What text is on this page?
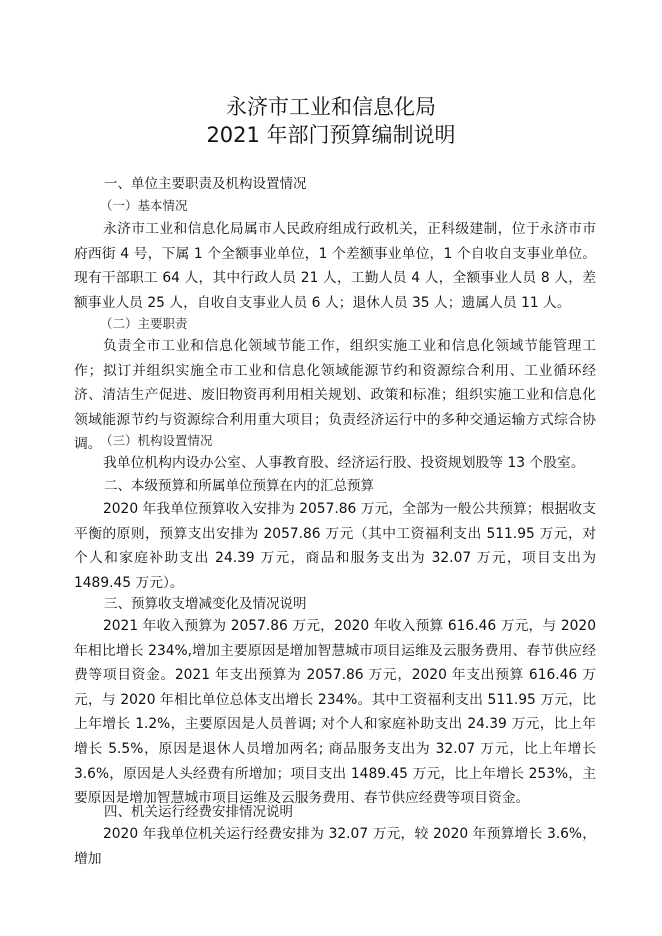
永济市工业和信息化局
2021 年部门预算编制说明
一、单位主要职责及机构设置情况
（一）基本情况

永济市工业和信息化局属市人民政府组成行政机关，正科级建制，位于永济市市府西街 4 号，下属 1 个全额事业单位，1 个差额事业单位，1 个自收自支事业单位。现有干部职工 64 人，其中行政人员 21 人，工勤人员 4 人，全额事业人员 8 人，差额事业人员 25 人，自收自支事业人员 6 人；退休人员 35 人；遗属人员 11 人。

（二）主要职责

负责全市工业和信息化领域节能工作，组织实施工业和信息化领域节能管理工作；拟订并组织实施全市工业和信息化领域能源节约和资源综合利用、工业循环经济、清洁生产促进、废旧物资再利用相关规划、政策和标准；组织实施工业和信息化领域能源节约与资源综合利用重大项目；负责经济运行中的多种交通运输方式综合协调。

（三）机构设置情况

我单位机构内设办公室、人事教育股、经济运行股、投资规划股等 13 个股室。

二、本级预算和所属单位预算在内的汇总预算

2020 年我单位预算收入安排为 2057.86 万元，全部为一般公共预算；根据收支平衡的原则，预算支出安排为 2057.86 万元（其中工资福利支出 511.95 万元，对个人和家庭补助支出 24.39 万元，商品和服务支出为 32.07 万元，项目支出为 1489.45 万元）。

三、预算收支增减变化及情况说明

2021 年收入预算为 2057.86 万元，2020 年收入预算 616.46 万元，与 2020 年相比增长 234%,增加主要原因是增加智慧城市项目运维及云服务费用、春节供应经费等项目资金。2021 年支出预算为 2057.86 万元，2020 年支出预算 616.46 万元，与 2020 年相比单位总体支出增长 234%。其中工资福利支出 511.95 万元，比上年增长 1.2%，主要原因是人员普调; 对个人和家庭补助支出 24.39 万元，比上年增长 5.5%，原因是退休人员增加两名; 商品服务支出为 32.07 万元，比上年增长 3.6%，原因是人头经费有所增加；项目支出 1489.45 万元，比上年增长 253%，主要原因是增加智慧城市项目运维及云服务费用、春节供应经费等项目资金。

四、机关运行经费安排情况说明

2020 年我单位机关运行经费安排为 32.07 万元，较 2020 年预算增长 3.6%，增加
